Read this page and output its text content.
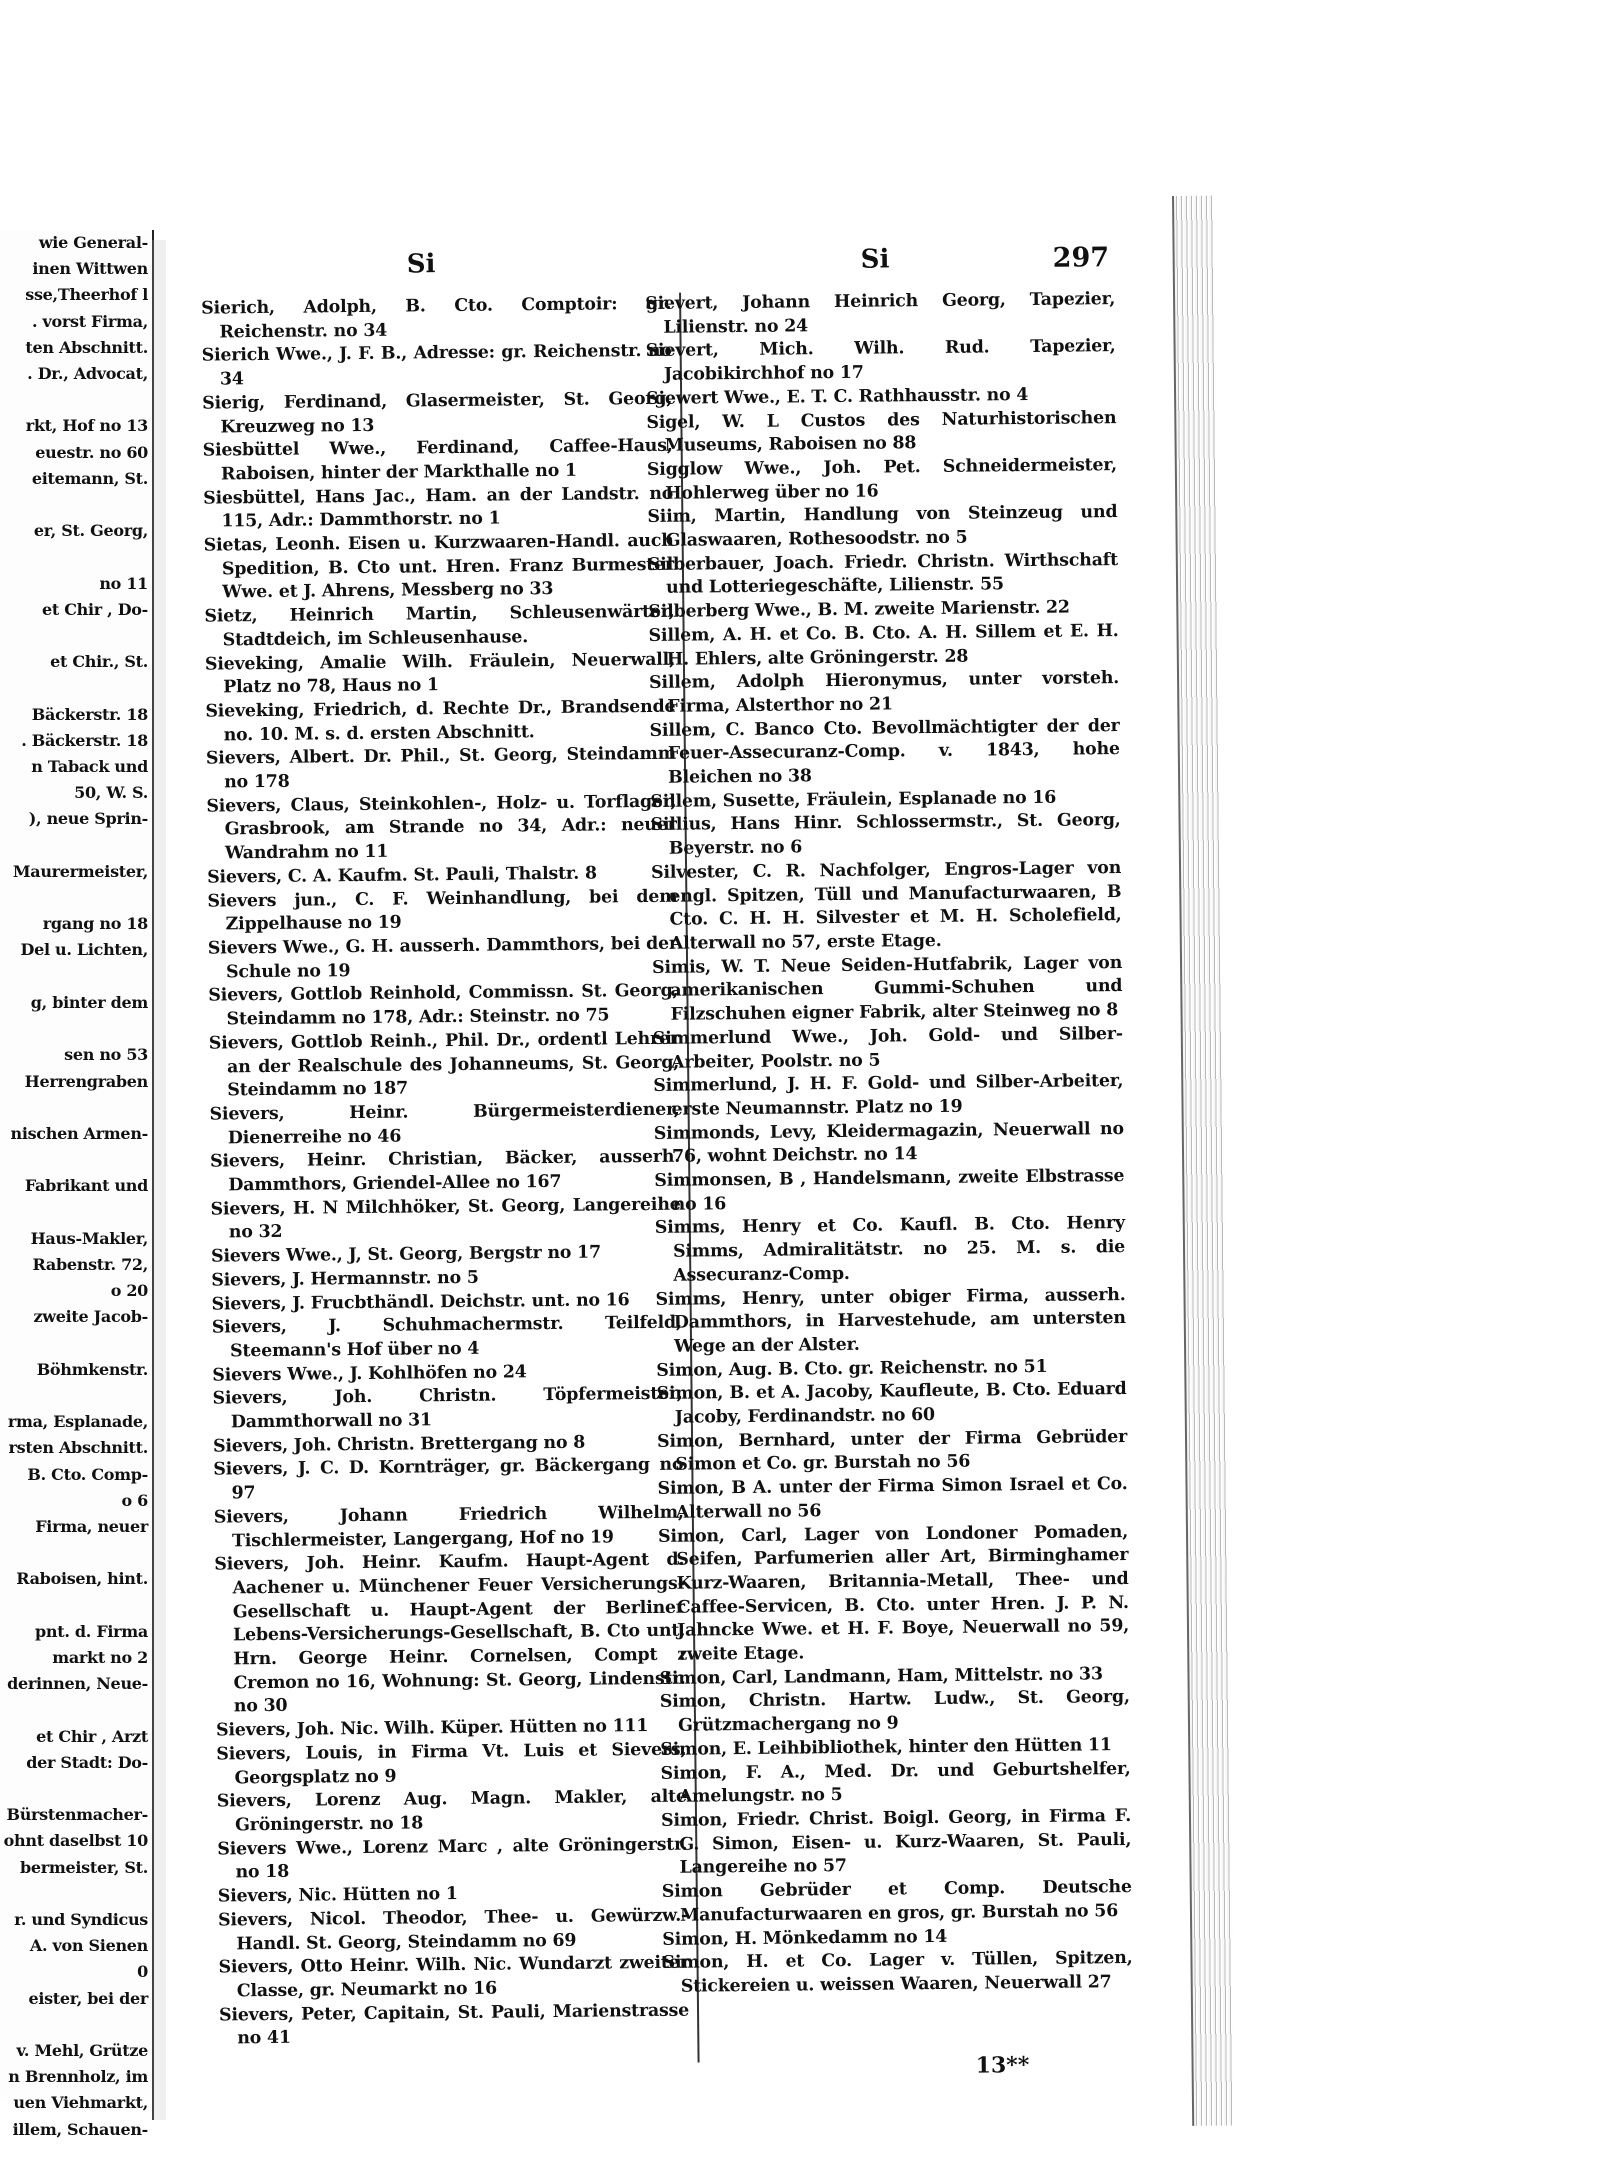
wie General-
inen Wittwen
sse,Theerhof l
. vorst Firma,
ten Abschnitt.
. Dr., Advocat,

rkt, Hof no 13
euestr. no 60
eitemann, St.

er, St. Georg,

no 11
et Chir , Do-

et Chir., St.

Bäckerstr. 18
. Bäckerstr. 18
n Taback und
50, W. S.
), neue Sprin-

Maurermeister,

rgang no 18
Del u. Lichten,

g, binter dem

sen no 53
Herrengraben

nischen Armen-

Fabrikant und

Haus-Makler,
Rabenstr. 72,
o 20
zweite Jacob-

Böhmkenstr.

rma, Esplanade,
rsten Abschnitt.
B. Cto. Comp-
o 6
Firma, neuer

Raboisen, hint.

pnt. d. Firma
markt no 2
derinnen, Neue-

et Chir , Arzt
der Stadt: Do-

Bürstenmacher-
ohnt daselbst 10
bermeister, St.

r. und Syndicus
A. von Sienen
0
eister, bei der

v. Mehl, Grütze
n Brennholz, im
uen Viehmarkt,
illem, Schauen-
Si	Si	297
Sierich, Adolph, B. Cto. Comptoir: gr. Reichenstr. no 34
Sierich Wwe., J. F. B., Adresse: gr. Reichenstr. no 34
Sierig, Ferdinand, Glasermeister, St. Georg, Kreuzweg no 13
Siesbüttel Wwe., Ferdinand, Caffee-Haus, Raboisen, hinter der Markthalle no 1
Siesbüttel, Hans Jac., Ham. an der Landstr. no 115, Adr.: Dammthorstr. no 1
Sietas, Leonh. Eisen u. Kurzwaaren-Handl. auch Spedition, B. Cto unt. Hren. Franz Burmester Wwe. et J. Ahrens, Messberg no 33
Sietz, Heinrich Martin, Schleusenwärter, Stadtdeich, im Schleusenhause.
Sieveking, Amalie Wilh. Fräulein, Neuerwall, Platz no 78, Haus no 1
Sieveking, Friedrich, d. Rechte Dr., Brandsende no. 10. M. s. d. ersten Abschnitt.
Sievers, Albert. Dr. Phil., St. Georg, Steindamm no 178
Sievers, Claus, Steinkohlen-, Holz- u. Torflager, Grasbrook, am Strande no 34, Adr.: neuer Wandrahm no 11
Sievers, C. A. Kaufm. St. Pauli, Thalstr. 8
Sievers jun., C. F. Weinhandlung, bei dem Zippelhause no 19
Sievers Wwe., G. H. ausserh. Dammthors, bei der Schule no 19
Sievers, Gottlob Reinhold, Commissn. St. Georg, Steindamm no 178, Adr.: Steinstr. no 75
Sievers, Gottlob Reinh., Phil. Dr., ordentl Lehrer an der Realschule des Johanneums, St. Georg, Steindamm no 187
Sievers, Heinr. Bürgermeisterdiener, Dienerreihe no 46
Sievers, Heinr. Christian, Bäcker, ausserh. Dammthors, Griendel-Allee no 167
Sievers, H. N Milchhöker, St. Georg, Langereihe no 32
Sievers Wwe., J, St. Georg, Bergstr no 17
Sievers, J. Hermannstr. no 5
Sievers, J. Frucbthändl. Deichstr. unt. no 16
Sievers, J. Schuhmachermstr. Teilfeld, Steemann's Hof über no 4
Sievers Wwe., J. Kohlhöfen no 24
Sievers, Joh. Christn. Töpfermeister, Dammthorwall no 31
Sievers, Joh. Christn. Brettergang no 8
Sievers, J. C. D. Kornträger, gr. Bäckergang no 97
Sievers, Johann Friedrich Wilhelm, Tischlermeister, Langergang, Hof no 19
Sievers, Joh. Heinr. Kaufm. Haupt-Agent d. Aachener u. Münchener Feuer Versicherungs-Gesellschaft u. Haupt-Agent der Berliner Lebens-Versicherungs-Gesellschaft, B. Cto unt. Hrn. George Heinr. Cornelsen, Compt : Cremon no 16, Wohnung: St. Georg, Lindenstr. no 30
Sievers, Joh. Nic. Wilh. Küper. Hütten no 111
Sievers, Louis, in Firma Vt. Luis et Sievers, Georgsplatz no 9
Sievers, Lorenz Aug. Magn. Makler, alte Gröningerstr. no 18
Sievers Wwe., Lorenz Marc , alte Gröningerstr. no 18
Sievers, Nic. Hütten no 1
Sievers, Nicol. Theodor, Thee- u. Gewürzw.-Handl. St. Georg, Steindamm no 69
Sievers, Otto Heinr. Wilh. Nic. Wundarzt zweiter Classe, gr. Neumarkt no 16
Sievers, Peter, Capitain, St. Pauli, Marienstrasse no 41
Sievert, Johann Heinrich Georg, Tapezier, Lilienstr. no 24
Sievert, Mich. Wilh. Rud. Tapezier, Jacobikirchhof no 17
Siewert Wwe., E. T. C. Rathhausstr. no 4
Sigel, W. L Custos des Naturhistorischen Museums, Raboisen no 88
Sigglow Wwe., Joh. Pet. Schneidermeister, Hohlerweg über no 16
Siim, Martin, Handlung von Steinzeug und Glaswaaren, Rothesoodstr. no 5
Silberbauer, Joach. Friedr. Christn. Wirthschaft und Lotteriegeschäfte, Lilienstr. 55
Silberberg Wwe., B. M. zweite Marienstr. 22
Sillem, A. H. et Co. B. Cto. A. H. Sillem et E. H. H. Ehlers, alte Gröningerstr. 28
Sillem, Adolph Hieronymus, unter vorsteh. Firma, Alsterthor no 21
Sillem, C. Banco Cto. Bevollmächtigter der der Feuer-Assecuranz-Comp. v. 1843, hohe Bleichen no 38
Sillem, Susette, Fräulein, Esplanade no 16
Sillius, Hans Hinr. Schlossermstr., St. Georg, Beyerstr. no 6
Silvester, C. R. Nachfolger, Engros-Lager von engl. Spitzen, Tüll und Manufacturwaaren, B Cto. C. H. H. Silvester et M. H. Scholefield, Alterwall no 57, erste Etage.
Simis, W. T. Neue Seiden-Hutfabrik, Lager von amerikanischen Gummi-Schuhen und Filzschuhen eigner Fabrik, alter Steinweg no 8
Simmerlund Wwe., Joh. Gold- und Silber-Arbeiter, Poolstr. no 5
Simmerlund, J. H. F. Gold- und Silber-Arbeiter, erste Neumannstr. Platz no 19
Simmonds, Levy, Kleidermagazin, Neuerwall no 76, wohnt Deichstr. no 14
Simmonsen, B , Handelsmann, zweite Elbstrasse no 16
Simms, Henry et Co. Kaufl. B. Cto. Henry Simms, Admiralitätstr. no 25. M. s. die Assecuranz-Comp.
Simms, Henry, unter obiger Firma, ausserh. Dammthors, in Harvestehude, am untersten Wege an der Alster.
Simon, Aug. B. Cto. gr. Reichenstr. no 51
Simon, B. et A. Jacoby, Kaufleute, B. Cto. Eduard Jacoby, Ferdinandstr. no 60
Simon, Bernhard, unter der Firma Gebrüder Simon et Co. gr. Burstah no 56
Simon, B A. unter der Firma Simon Israel et Co. Alterwall no 56
Simon, Carl, Lager von Londoner Pomaden, Seifen, Parfumerien aller Art, Birminghamer Kurz-Waaren, Britannia-Metall, Thee- und Caffee-Servicen, B. Cto. unter Hren. J. P. N. Jahncke Wwe. et H. F. Boye, Neuerwall no 59, zweite Etage.
Simon, Carl, Landmann, Ham, Mittelstr. no 33
Simon, Christn. Hartw. Ludw., St. Georg, Grützmachergang no 9
Simon, E. Leihbibliothek, hinter den Hütten 11
Simon, F. A., Med. Dr. und Geburtshelfer, Amelungstr. no 5
Simon, Friedr. Christ. Boigl. Georg, in Firma F. G. Simon, Eisen- u. Kurz-Waaren, St. Pauli, Langereihe no 57
Simon Gebrüder et Comp. Deutsche Manufacturwaaren en gros, gr. Burstah no 56
Simon, H. Mönkedamm no 14
Simon, H. et Co. Lager v. Tüllen, Spitzen, Stickereien u. weissen Waaren, Neuerwall 27
13**
